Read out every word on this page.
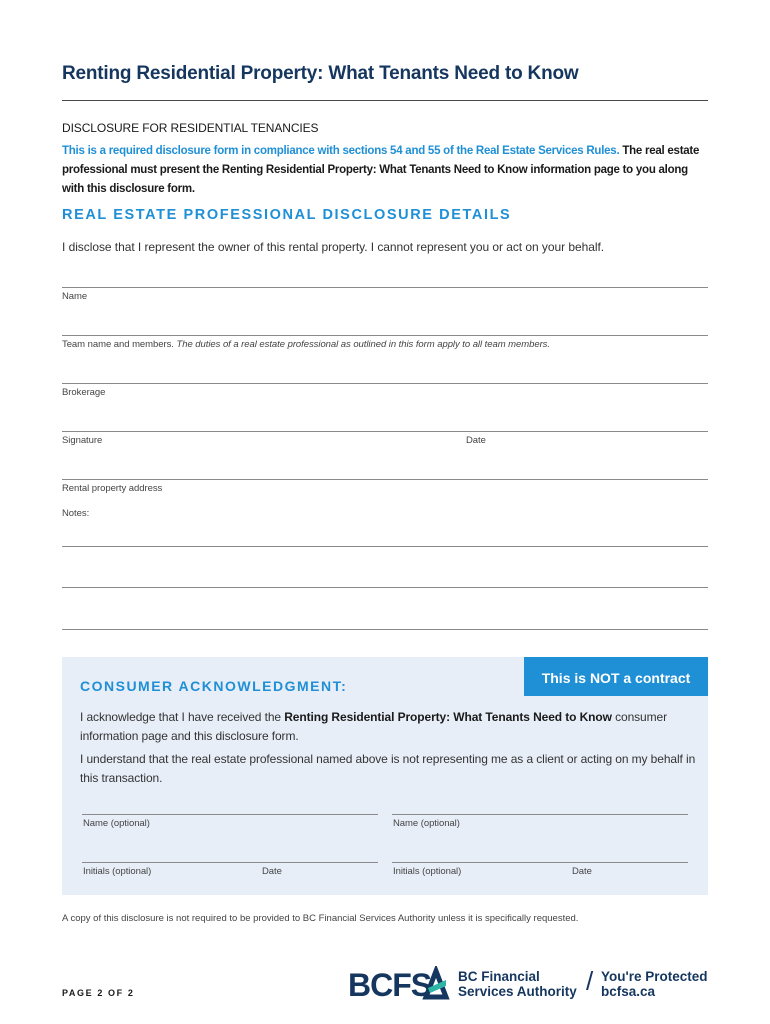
Renting Residential Property: What Tenants Need to Know
DISCLOSURE FOR RESIDENTIAL TENANCIES
This is a required disclosure form in compliance with sections 54 and 55 of the Real Estate Services Rules. The real estate professional must present the Renting Residential Property: What Tenants Need to Know information page to you along with this disclosure form.
REAL ESTATE PROFESSIONAL DISCLOSURE DETAILS
I disclose that I represent the owner of this rental property. I cannot represent you or act on your behalf.
Name
Team name and members. The duties of a real estate professional as outlined in this form apply to all team members.
Brokerage
Signature	Date
Rental property address
Notes:
This is NOT a contract
CONSUMER ACKNOWLEDGMENT:
I acknowledge that I have received the Renting Residential Property: What Tenants Need to Know consumer information page and this disclosure form.
I understand that the real estate professional named above is not representing me as a client or acting on my behalf in this transaction.
Name (optional)	Name (optional)
Initials (optional)	Date	Initials (optional)	Date
A copy of this disclosure is not required to be provided to BC Financial Services Authority unless it is specifically requested.
PAGE 2 OF 2	BCFS BC Financial
Services Authority / You're Protected
bcfsa.ca
